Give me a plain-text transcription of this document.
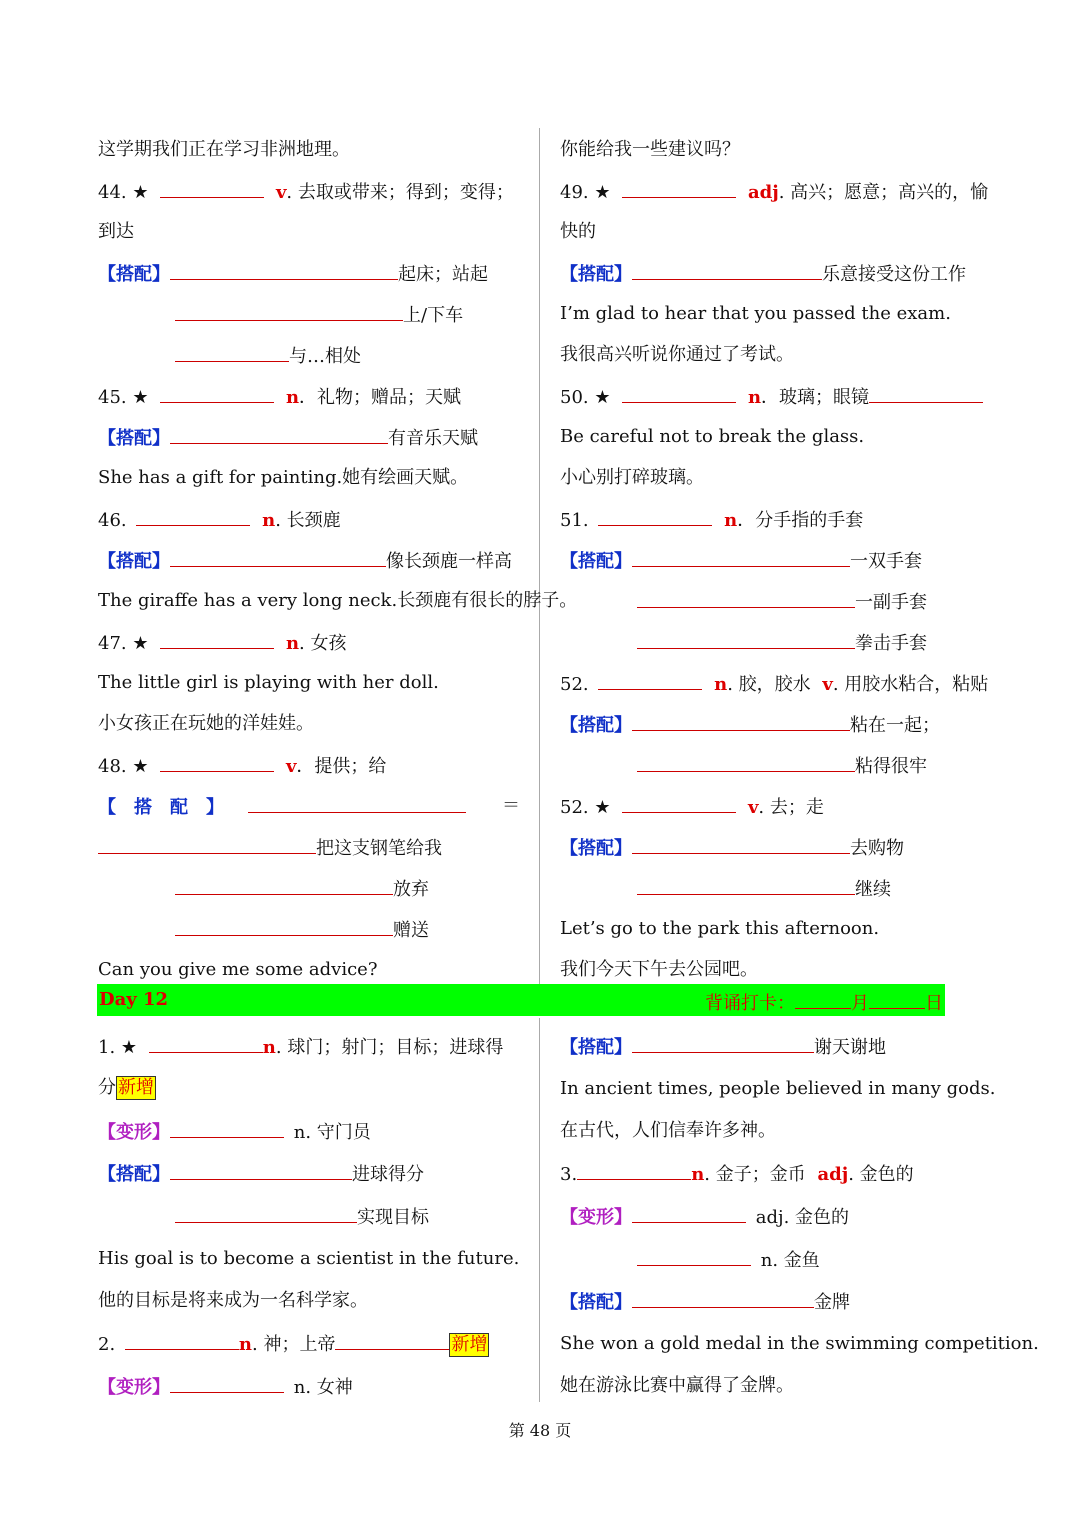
这学期我们正在学习非洲地理。
44. ★	v. 去取或带来；得到；变得；
到达
【搭配】	起床；站起
上/下车
与…相处
45. ★	n．礼物；赠品；天赋
【搭配】	有音乐天赋
She has a gift for painting.她有绘画天赋。
46.	n. 长颈鹿
【搭配】	像长颈鹿一样高
The giraffe has a very long neck.长颈鹿有很长的脖子。
47. ★	n. 女孩
The little girl is playing with her doll.
小女孩正在玩她的洋娃娃。
48. ★	v．提供；给
【　搭　配　】	＝
把这支钢笔给我
放弃
赠送
Can you give me some advice?
你能给我一些建议吗？
49. ★	adj. 高兴；愿意；高兴的，愉
快的
【搭配】	乐意接受这份工作
I’m glad to hear that you passed the exam.
我很高兴听说你通过了考试。
50. ★	n．玻璃；眼镜
Be careful not to break the glass.
小心别打碎玻璃。
51.	n．分手指的手套
【搭配】	一双手套
一副手套
拳击手套
52.	n. 胶，胶水 v. 用胶水粘合，粘贴
【搭配】	粘在一起；
粘得很牢
52. ★	v. 去；走
【搭配】	去购物
继续
Let’s go to the park this afternoon.
我们今天下午去公园吧。
Day 12	背诵打卡：	月	日
1. ★	n. 球门；射门；目标；进球得
分 新增
【变形】	n. 守门员
【搭配】	进球得分
实现目标
His goal is to become a scientist in the future.
他的目标是将来成为一名科学家。
2.	n. 神；上帝	新增
【变形】	n. 女神
【搭配】	谢天谢地
In ancient times, people believed in many gods.
在古代，人们信奉许多神。
3.	n. 金子；金币 adj. 金色的
【变形】	adj. 金色的
n. 金鱼
【搭配】	金牌
She won a gold medal in the swimming competition.
她在游泳比赛中赢得了金牌。
第 48 页
